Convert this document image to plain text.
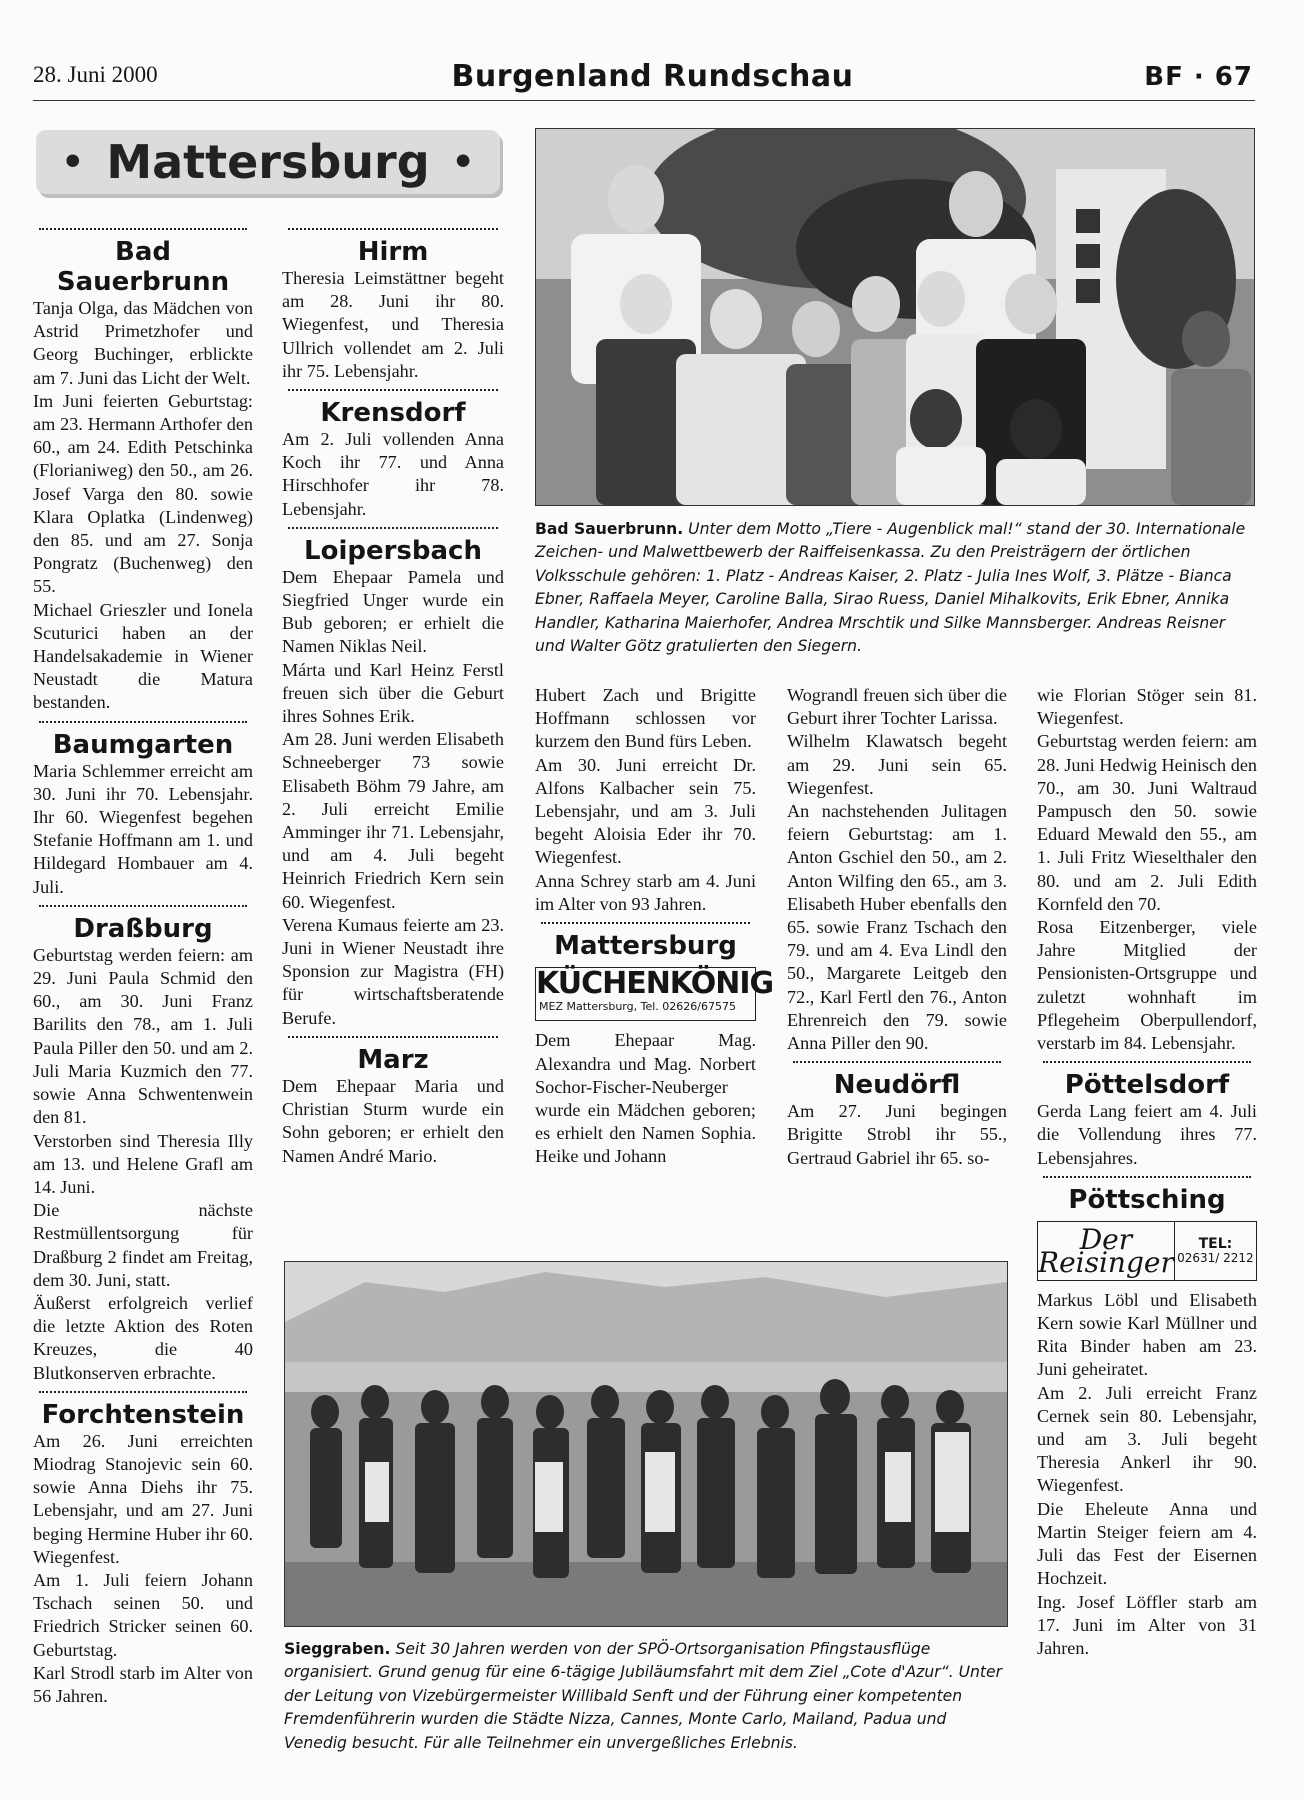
28. Juni 2000	Burgenland Rundschau	BF · 67
• Mattersburg •
Bad Sauerbrunn

Tanja Olga, das Mädchen von Astrid Primetzhofer und Georg Buchinger, erblickte am 7. Juni das Licht der Welt.

Im Juni feierten Geburtstag: am 23. Hermann Arthofer den 60., am 24. Edith Petschinka (Florianiweg) den 50., am 26. Josef Varga den 80. sowie Klara Oplatka (Lindenweg) den 85. und am 27. Sonja Pongratz (Buchenweg) den 55.

Michael Grieszler und Ionela Scuturici haben an der Handelsakademie in Wiener Neustadt die Matura bestanden.

Baumgarten

Maria Schlemmer erreicht am 30. Juni ihr 70. Lebensjahr. Ihr 60. Wiegenfest begehen Stefanie Hoffmann am 1. und Hildegard Hombauer am 4. Juli.

Draßburg

Geburtstag werden feiern: am 29. Juni Paula Schmid den 60., am 30. Juni Franz Barilits den 78., am 1. Juli Paula Piller den 50. und am 2. Juli Maria Kuzmich den 77. sowie Anna Schwentenwein den 81.

Verstorben sind Theresia Illy am 13. und Helene Grafl am 14. Juni.

Die nächste Restmüllentsorgung für Draßburg 2 findet am Freitag, dem 30. Juni, statt.

Äußerst erfolgreich verlief die letzte Aktion des Roten Kreuzes, die 40 Blutkonserven erbrachte.

Forchtenstein

Am 26. Juni erreichten Miodrag Stanojevic sein 60. sowie Anna Diehs ihr 75. Lebensjahr, und am 27. Juni beging Hermine Huber ihr 60. Wiegenfest.

Am 1. Juli feiern Johann Tschach seinen 50. und Friedrich Stricker seinen 60. Geburtstag.

Karl Strodl starb im Alter von 56 Jahren.

Hirm

Theresia Leimstättner begeht am 28. Juni ihr 80. Wiegenfest, und Theresia Ullrich vollendet am 2. Juli ihr 75. Lebensjahr.

Krensdorf

Am 2. Juli vollenden Anna Koch ihr 77. und Anna Hirschhofer ihr 78. Lebensjahr.

Loipersbach

Dem Ehepaar Pamela und Siegfried Unger wurde ein Bub geboren; er erhielt die Namen Niklas Neil.

Márta und Karl Heinz Ferstl freuen sich über die Geburt ihres Sohnes Erik.

Am 28. Juni werden Elisabeth Schneeberger 73 sowie Elisabeth Böhm 79 Jahre, am 2. Juli erreicht Emilie Amminger ihr 71. Lebensjahr, und am 4. Juli begeht Heinrich Friedrich Kern sein 60. Wiegenfest.

Verena Kumaus feierte am 23. Juni in Wiener Neustadt ihre Sponsion zur Magistra (FH) für wirtschaftsberatende Berufe.

Marz

Dem Ehepaar Maria und Christian Sturm wurde ein Sohn geboren; er erhielt den Namen André Mario.

Bad Sauerbrunn. Unter dem Motto „Tiere - Augenblick mal!“ stand der 30. Internationale Zeichen- und Malwettbewerb der Raiffeisenkassa. Zu den Preisträgern der örtlichen Volksschule gehören: 1. Platz - Andreas Kaiser, 2. Platz - Julia Ines Wolf, 3. Plätze - Bianca Ebner, Raffaela Meyer, Caroline Balla, Sirao Ruess, Daniel Mihalkovits, Erik Ebner, Annika Handler, Katharina Maierhofer, Andrea Mrschtik und Silke Mannsberger. Andreas Reisner und Walter Götz gratulierten den Siegern.

Hubert Zach und Brigitte Hoffmann schlossen vor kurzem den Bund fürs Leben.

Am 30. Juni erreicht Dr. Alfons Kalbacher sein 75. Lebensjahr, und am 3. Juli begeht Aloisia Eder ihr 70. Wiegenfest.

Anna Schrey starb am 4. Juni im Alter von 93 Jahren.

Mattersburg
KÜCHENKÖNIG
MEZ Mattersburg, Tel. 02626/67575

Dem Ehepaar Mag. Alexandra und Mag. Norbert Sochor-Fischer-Neuberger wurde ein Mädchen geboren; es erhielt den Namen Sophia. Heike und Johann

Wograndl freuen sich über die Geburt ihrer Tochter Larissa.

Wilhelm Klawatsch begeht am 29. Juni sein 65. Wiegenfest.

An nachstehenden Julitagen feiern Geburtstag: am 1. Anton Gschiel den 50., am 2. Anton Wilfing den 65., am 3. Elisabeth Huber ebenfalls den 65. sowie Franz Tschach den 79. und am 4. Eva Lindl den 50., Margarete Leitgeb den 72., Karl Fertl den 76., Anton Ehrenreich den 79. sowie Anna Piller den 90.

Neudörfl

Am 27. Juni begingen Brigitte Strobl ihr 55., Gertraud Gabriel ihr 65. so-

wie Florian Stöger sein 81. Wiegenfest.

Geburtstag werden feiern: am 28. Juni Hedwig Heinisch den 70., am 30. Juni Waltraud Pampusch den 50. sowie Eduard Mewald den 55., am 1. Juli Fritz Wieselthaler den 80. und am 2. Juli Edith Kornfeld den 70.

Rosa Eitzenberger, viele Jahre Mitglied der Pensionisten-Ortsgruppe und zuletzt wohnhaft im Pflegeheim Oberpullendorf, verstarb im 84. Lebensjahr.

Pöttelsdorf

Gerda Lang feiert am 4. Juli die Vollendung ihres 77. Lebensjahres.

Pöttsching
Der Reisinger
TEL:
02631/ 2212

Markus Löbl und Elisabeth Kern sowie Karl Müllner und Rita Binder haben am 23. Juni geheiratet.

Am 2. Juli erreicht Franz Cernek sein 80. Lebensjahr, und am 3. Juli begeht Theresia Ankerl ihr 90. Wiegenfest.

Die Eheleute Anna und Martin Steiger feiern am 4. Juli das Fest der Eisernen Hochzeit.

Ing. Josef Löffler starb am 17. Juni im Alter von 31 Jahren.

Sieggraben. Seit 30 Jahren werden von der SPÖ-Ortsorganisation Pfingstausflüge organisiert. Grund genug für eine 6-tägige Jubiläumsfahrt mit dem Ziel „Cote d'Azur“. Unter der Leitung von Vizebürgermeister Willibald Senft und der Führung einer kompetenten Fremdenführerin wurden die Städte Nizza, Cannes, Monte Carlo, Mailand, Padua und Venedig besucht. Für alle Teilnehmer ein unvergeßliches Erlebnis.
